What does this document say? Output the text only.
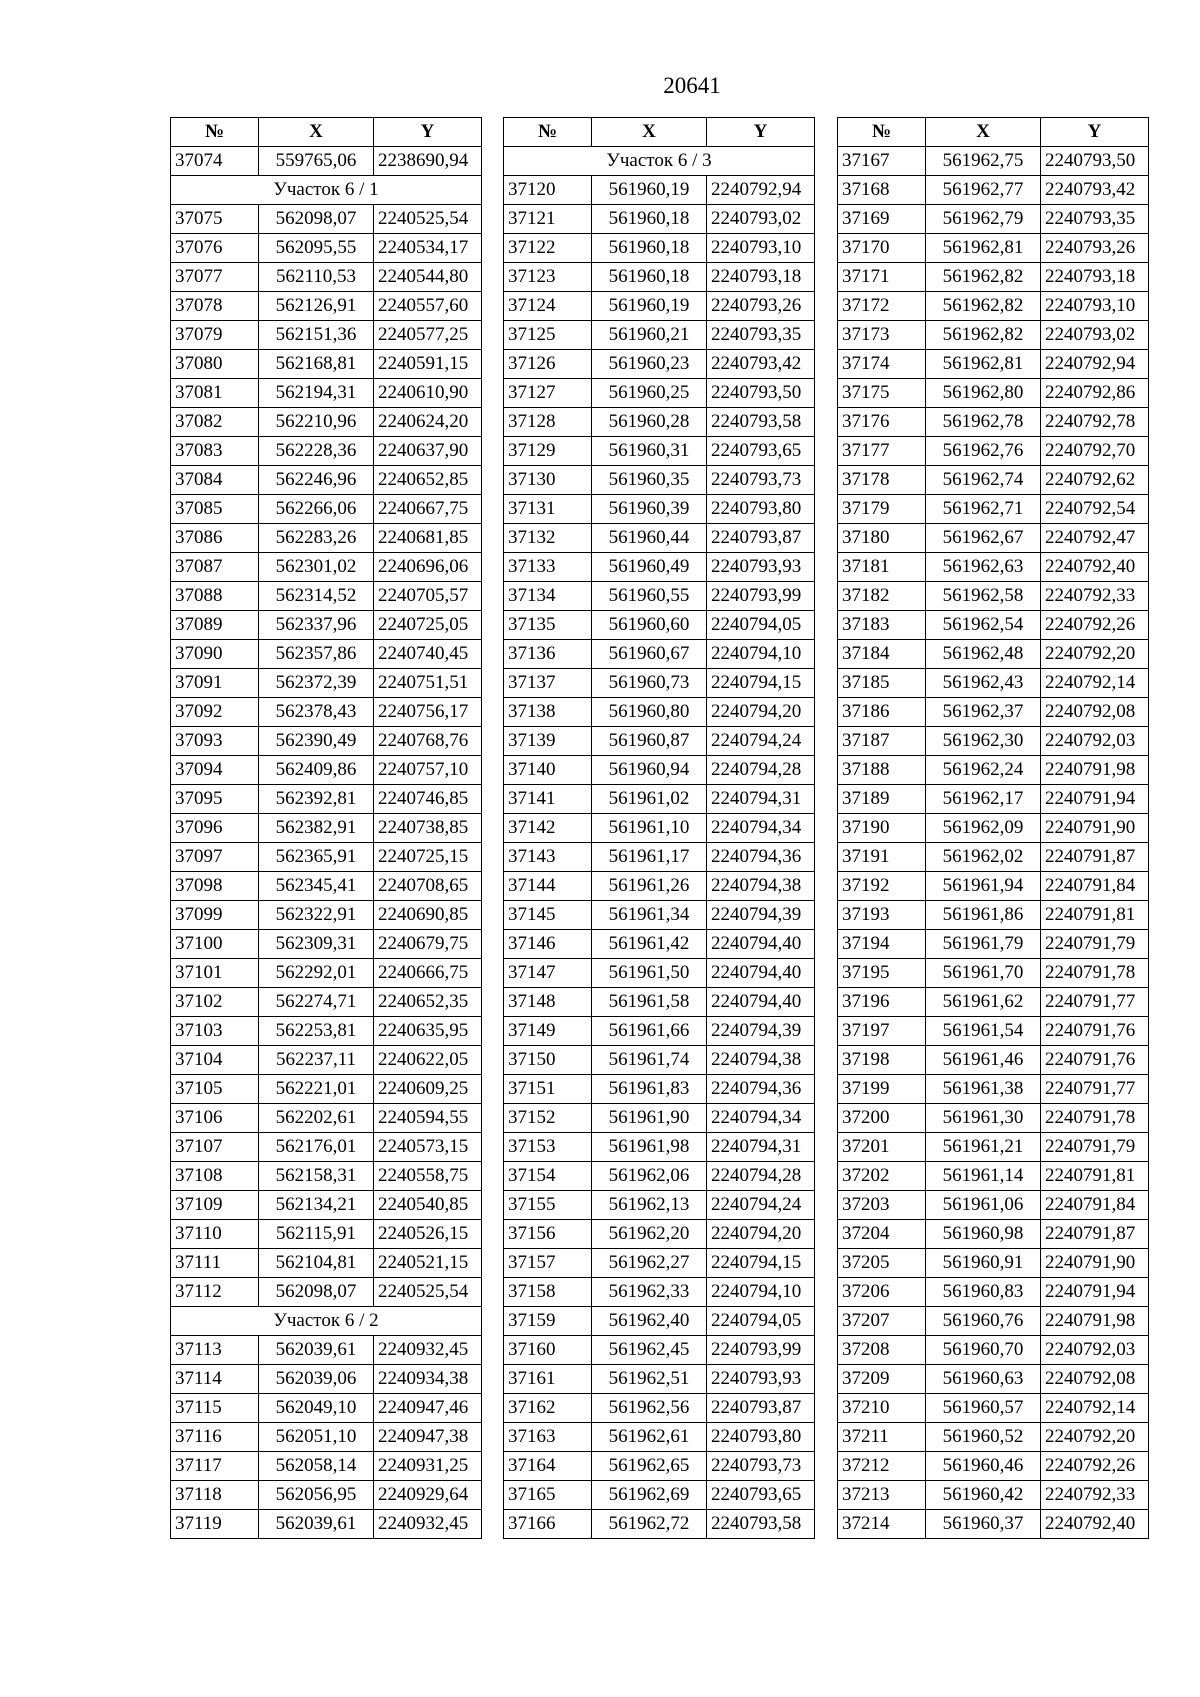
20641
№	X	Y
37074	559765,06	2238690,94
Участок 6 / 1		
37075	562098,07	2240525,54
37076	562095,55	2240534,17
37077	562110,53	2240544,80
37078	562126,91	2240557,60
37079	562151,36	2240577,25
37080	562168,81	2240591,15
37081	562194,31	2240610,90
37082	562210,96	2240624,20
37083	562228,36	2240637,90
37084	562246,96	2240652,85
37085	562266,06	2240667,75
37086	562283,26	2240681,85
37087	562301,02	2240696,06
37088	562314,52	2240705,57
37089	562337,96	2240725,05
37090	562357,86	2240740,45
37091	562372,39	2240751,51
37092	562378,43	2240756,17
37093	562390,49	2240768,76
37094	562409,86	2240757,10
37095	562392,81	2240746,85
37096	562382,91	2240738,85
37097	562365,91	2240725,15
37098	562345,41	2240708,65
37099	562322,91	2240690,85
37100	562309,31	2240679,75
37101	562292,01	2240666,75
37102	562274,71	2240652,35
37103	562253,81	2240635,95
37104	562237,11	2240622,05
37105	562221,01	2240609,25
37106	562202,61	2240594,55
37107	562176,01	2240573,15
37108	562158,31	2240558,75
37109	562134,21	2240540,85
37110	562115,91	2240526,15
37111	562104,81	2240521,15
37112	562098,07	2240525,54
Участок 6 / 2		
37113	562039,61	2240932,45
37114	562039,06	2240934,38
37115	562049,10	2240947,46
37116	562051,10	2240947,38
37117	562058,14	2240931,25
37118	562056,95	2240929,64
37119	562039,61	2240932,45
№	X	Y
Участок 6 / 3		
37120	561960,19	2240792,94
37121	561960,18	2240793,02
37122	561960,18	2240793,10
37123	561960,18	2240793,18
37124	561960,19	2240793,26
37125	561960,21	2240793,35
37126	561960,23	2240793,42
37127	561960,25	2240793,50
37128	561960,28	2240793,58
37129	561960,31	2240793,65
37130	561960,35	2240793,73
37131	561960,39	2240793,80
37132	561960,44	2240793,87
37133	561960,49	2240793,93
37134	561960,55	2240793,99
37135	561960,60	2240794,05
37136	561960,67	2240794,10
37137	561960,73	2240794,15
37138	561960,80	2240794,20
37139	561960,87	2240794,24
37140	561960,94	2240794,28
37141	561961,02	2240794,31
37142	561961,10	2240794,34
37143	561961,17	2240794,36
37144	561961,26	2240794,38
37145	561961,34	2240794,39
37146	561961,42	2240794,40
37147	561961,50	2240794,40
37148	561961,58	2240794,40
37149	561961,66	2240794,39
37150	561961,74	2240794,38
37151	561961,83	2240794,36
37152	561961,90	2240794,34
37153	561961,98	2240794,31
37154	561962,06	2240794,28
37155	561962,13	2240794,24
37156	561962,20	2240794,20
37157	561962,27	2240794,15
37158	561962,33	2240794,10
37159	561962,40	2240794,05
37160	561962,45	2240793,99
37161	561962,51	2240793,93
37162	561962,56	2240793,87
37163	561962,61	2240793,80
37164	561962,65	2240793,73
37165	561962,69	2240793,65
37166	561962,72	2240793,58
№	X	Y
37167	561962,75	2240793,50
37168	561962,77	2240793,42
37169	561962,79	2240793,35
37170	561962,81	2240793,26
37171	561962,82	2240793,18
37172	561962,82	2240793,10
37173	561962,82	2240793,02
37174	561962,81	2240792,94
37175	561962,80	2240792,86
37176	561962,78	2240792,78
37177	561962,76	2240792,70
37178	561962,74	2240792,62
37179	561962,71	2240792,54
37180	561962,67	2240792,47
37181	561962,63	2240792,40
37182	561962,58	2240792,33
37183	561962,54	2240792,26
37184	561962,48	2240792,20
37185	561962,43	2240792,14
37186	561962,37	2240792,08
37187	561962,30	2240792,03
37188	561962,24	2240791,98
37189	561962,17	2240791,94
37190	561962,09	2240791,90
37191	561962,02	2240791,87
37192	561961,94	2240791,84
37193	561961,86	2240791,81
37194	561961,79	2240791,79
37195	561961,70	2240791,78
37196	561961,62	2240791,77
37197	561961,54	2240791,76
37198	561961,46	2240791,76
37199	561961,38	2240791,77
37200	561961,30	2240791,78
37201	561961,21	2240791,79
37202	561961,14	2240791,81
37203	561961,06	2240791,84
37204	561960,98	2240791,87
37205	561960,91	2240791,90
37206	561960,83	2240791,94
37207	561960,76	2240791,98
37208	561960,70	2240792,03
37209	561960,63	2240792,08
37210	561960,57	2240792,14
37211	561960,52	2240792,20
37212	561960,46	2240792,26
37213	561960,42	2240792,33
37214	561960,37	2240792,40
